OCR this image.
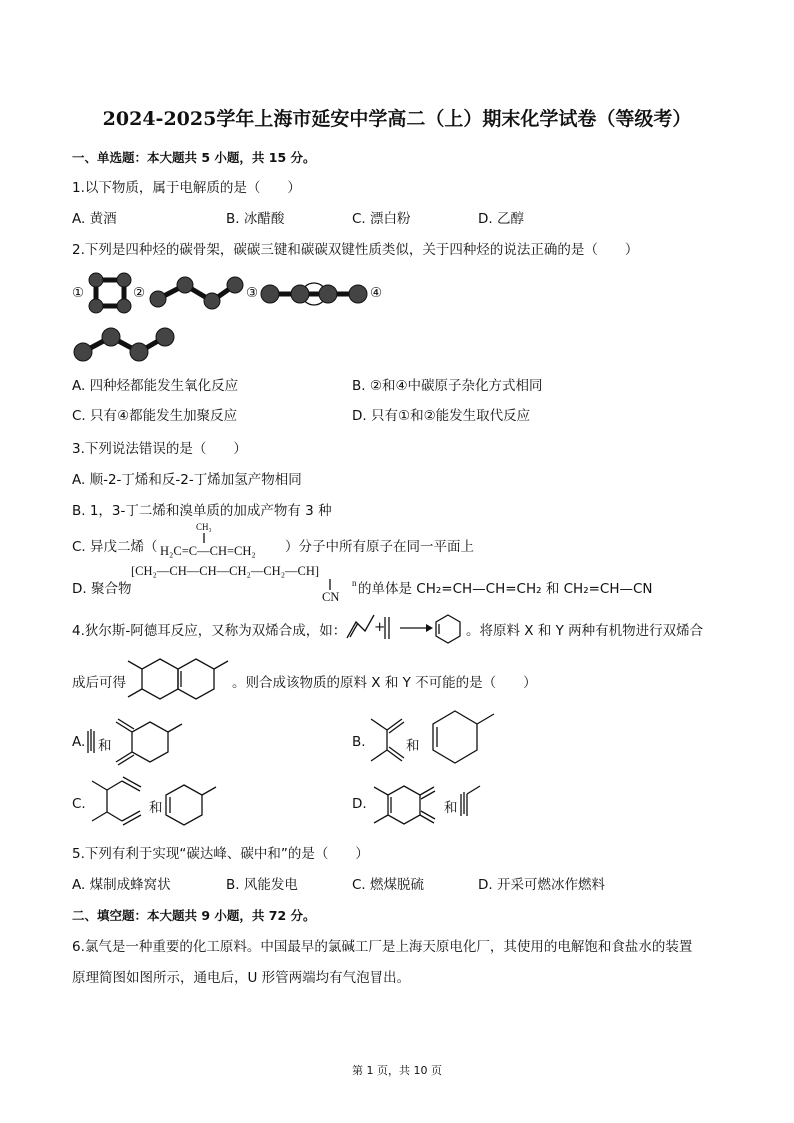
2024-2025学年上海市延安中学高二（上）期末化学试卷（等级考）
一、单选题：本大题共 5 小题，共 15 分。
1.以下物质，属于电解质的是（　　）
A. 黄酒	B. 冰醋酸	C. 漂白粉	D. 乙醇
2.下列是四种烃的碳骨架，碳碳三键和碳碳双键性质类似，关于四种烃的说法正确的是（　　）
①	②	③	④
A. 四种烃都能发生氧化反应	B. ②和④中碳原子杂化方式相同
C. 只有④都能发生加聚反应	D. 只有①和②能发生取代反应
3.下列说法错误的是（　　）
A. 顺-2-丁烯和反-2-丁烯加氢产物相同
B. 1，3-丁二烯和溴单质的加成产物有 3 种
C. 异戊二烯（
CH₃
H₂C=C—CH=CH₂ ）分子中所有原子在同一平面上
D. 聚合物
[CH₂—CH—CH—CH₂—CH₂—CH]
n
CN 的单体是 CH₂=CH—CH=CH₂ 和 CH₂=CH—CN
4.狄尔斯-阿德耳反应，又称为双烯合成，如： +	。将原料 X 和 Y 两种有机物进行双烯合
成后可得	。则合成该物质的原料 X 和 Y 不可能的是（　　）
A. 和	B.	和
C.	和	D.	和
5.下列有利于实现“碳达峰、碳中和”的是（　　）
A. 煤制成蜂窝状	B. 风能发电	C. 燃煤脱硫	D. 开采可燃冰作燃料
二、填空题：本大题共 9 小题，共 72 分。
6.氯气是一种重要的化工原料。中国最早的氯碱工厂是上海天原电化厂，其使用的电解饱和食盐水的装置
原理简图如图所示，通电后，U 形管两端均有气泡冒出。
第 1 页，共 10 页
